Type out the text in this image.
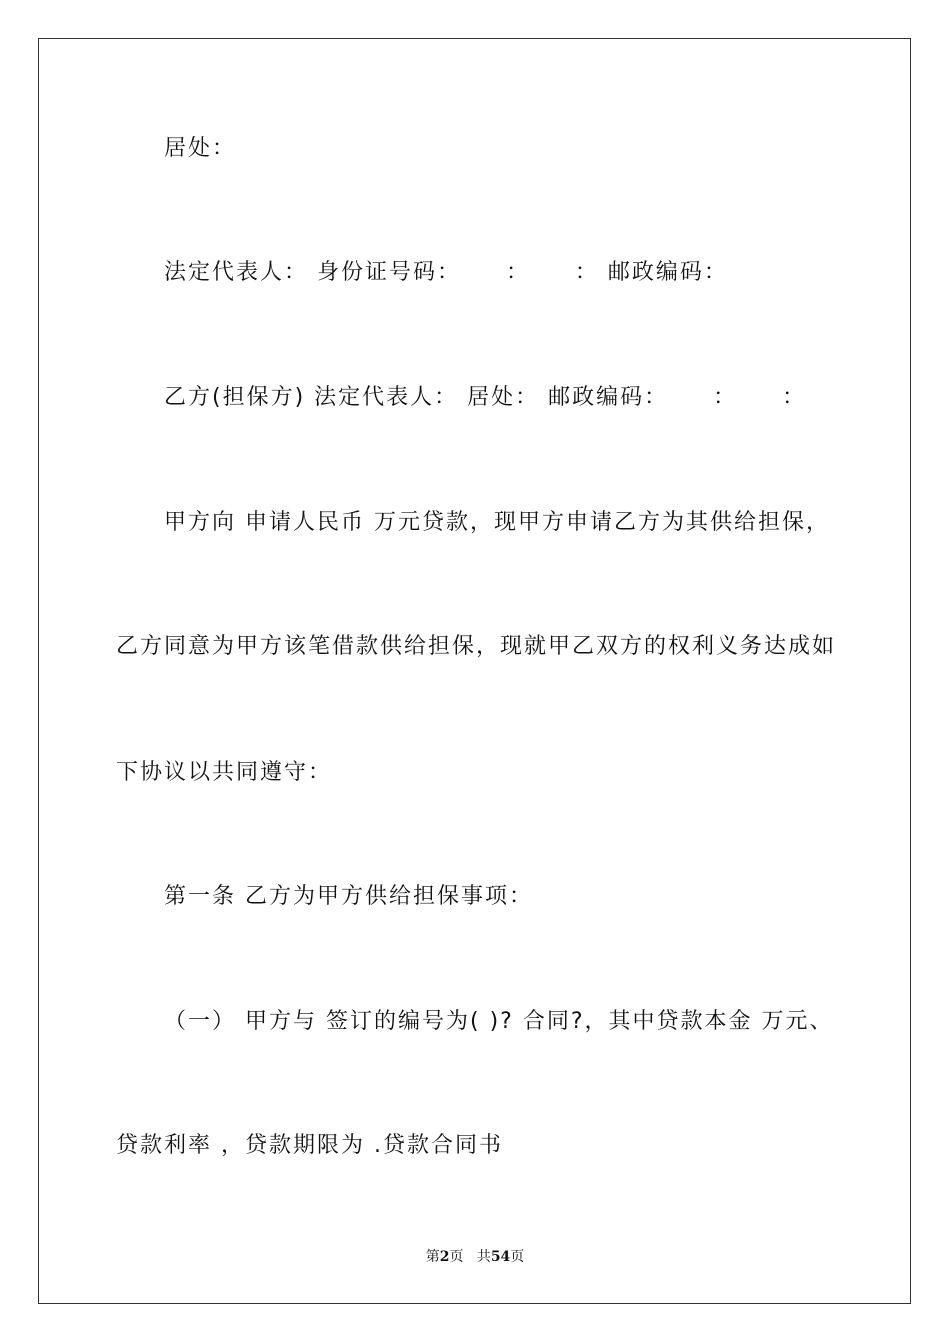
居处：
法定代表人： 身份证号码：     ：     ： 邮政编码：
乙方(担保方) 法定代表人： 居处： 邮政编码：     ：     ：
甲方向 申请人民币 万元贷款，现甲方申请乙方为其供给担保，
乙方同意为甲方该笔借款供给担保，现就甲乙双方的权利义务达成如
下协议以共同遵守：
第一条 乙方为甲方供给担保事项：
（一） 甲方与 签订的编号为( )? 合同?，其中贷款本金 万元、
贷款利率 ，贷款期限为 .贷款合同书
第2页 共54页
